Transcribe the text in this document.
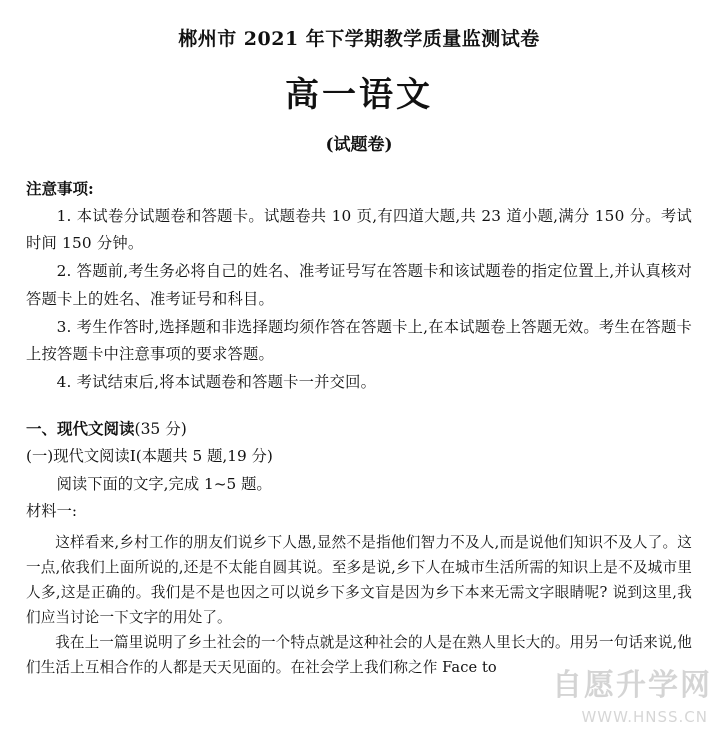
郴州市 2021 年下学期教学质量监测试卷
高一语文
(试题卷)
注意事项:

1. 本试卷分试题卷和答题卡。试题卷共 10 页,有四道大题,共 23 道小题,满分 150 分。考试时间 150 分钟。

2. 答题前,考生务必将自己的姓名、准考证号写在答题卡和该试题卷的指定位置上,并认真核对答题卡上的姓名、准考证号和科目。

3. 考生作答时,选择题和非选择题均须作答在答题卡上,在本试题卷上答题无效。考生在答题卡上按答题卡中注意事项的要求答题。

4. 考试结束后,将本试题卷和答题卡一并交回。

一、现代文阅读(35 分)
(一)现代文阅读Ⅰ(本题共 5 题,19 分)
阅读下面的文字,完成 1~5 题。
材料一:

这样看来,乡村工作的朋友们说乡下人愚,显然不是指他们智力不及人,而是说他们知识不及人了。这一点,依我们上面所说的,还是不太能自圆其说。至多是说,乡下人在城市生活所需的知识上是不及城市里人多,这是正确的。我们是不是也因之可以说乡下多文盲是因为乡下本来无需文字眼睛呢? 说到这里,我们应当讨论一下文字的用处了。

我在上一篇里说明了乡土社会的一个特点就是这种社会的人是在熟人里长大的。用另一句话来说,他们生活上互相合作的人都是天天见面的。在社会学上我们称之作 Face to

自愿升学网
WWW.HNSS.CN
